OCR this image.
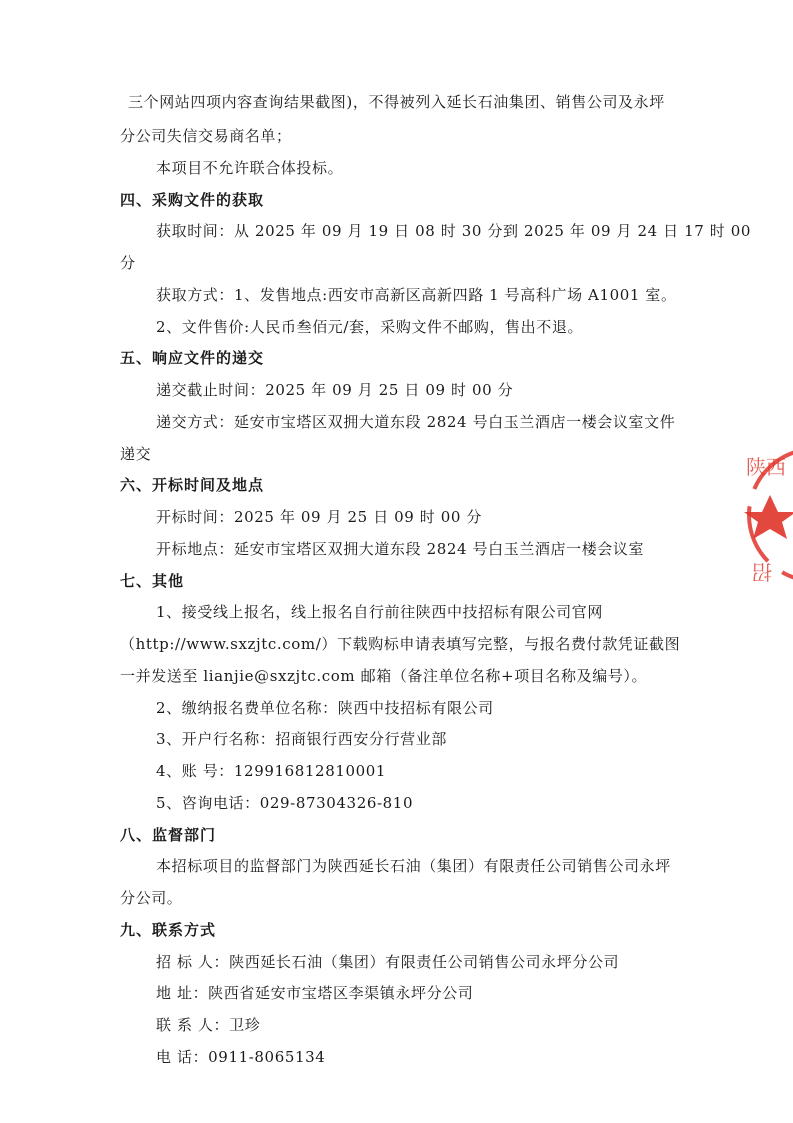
三个网站四项内容查询结果截图)，不得被列入延长石油集团、销售公司及永坪
分公司失信交易商名单；
本项目不允许联合体投标。
四、采购文件的获取
获取时间：从 2025 年 09 月 19 日 08 时 30 分到 2025 年 09 月 24 日 17 时 00
分
获取方式：1、发售地点:西安市高新区高新四路 1 号高科广场 A1001 室。
2、文件售价:人民币叁佰元/套，采购文件不邮购，售出不退。
五、响应文件的递交
递交截止时间：2025 年 09 月 25 日 09 时 00 分
递交方式：延安市宝塔区双拥大道东段 2824 号白玉兰酒店一楼会议室文件
递交
六、开标时间及地点
开标时间：2025 年 09 月 25 日 09 时 00 分
开标地点：延安市宝塔区双拥大道东段 2824 号白玉兰酒店一楼会议室
七、其他
1、接受线上报名，线上报名自行前往陕西中技招标有限公司官网
（http://www.sxzjtc.com/）下载购标申请表填写完整，与报名费付款凭证截图
一并发送至 lianjie@sxzjtc.com 邮箱（备注单位名称+项目名称及编号）。
2、缴纳报名费单位名称：陕西中技招标有限公司
3、开户行名称：招商银行西安分行营业部
4、账 号：129916812810001
5、咨询电话：029-87304326-810
八、监督部门
本招标项目的监督部门为陕西延长石油（集团）有限责任公司销售公司永坪
分公司。
九、联系方式
招 标 人：陕西延长石油（集团）有限责任公司销售公司永坪分公司
地 址：陕西省延安市宝塔区李渠镇永坪分公司
联 系 人：卫珍
电 话：0911-8065134
陕西
招
